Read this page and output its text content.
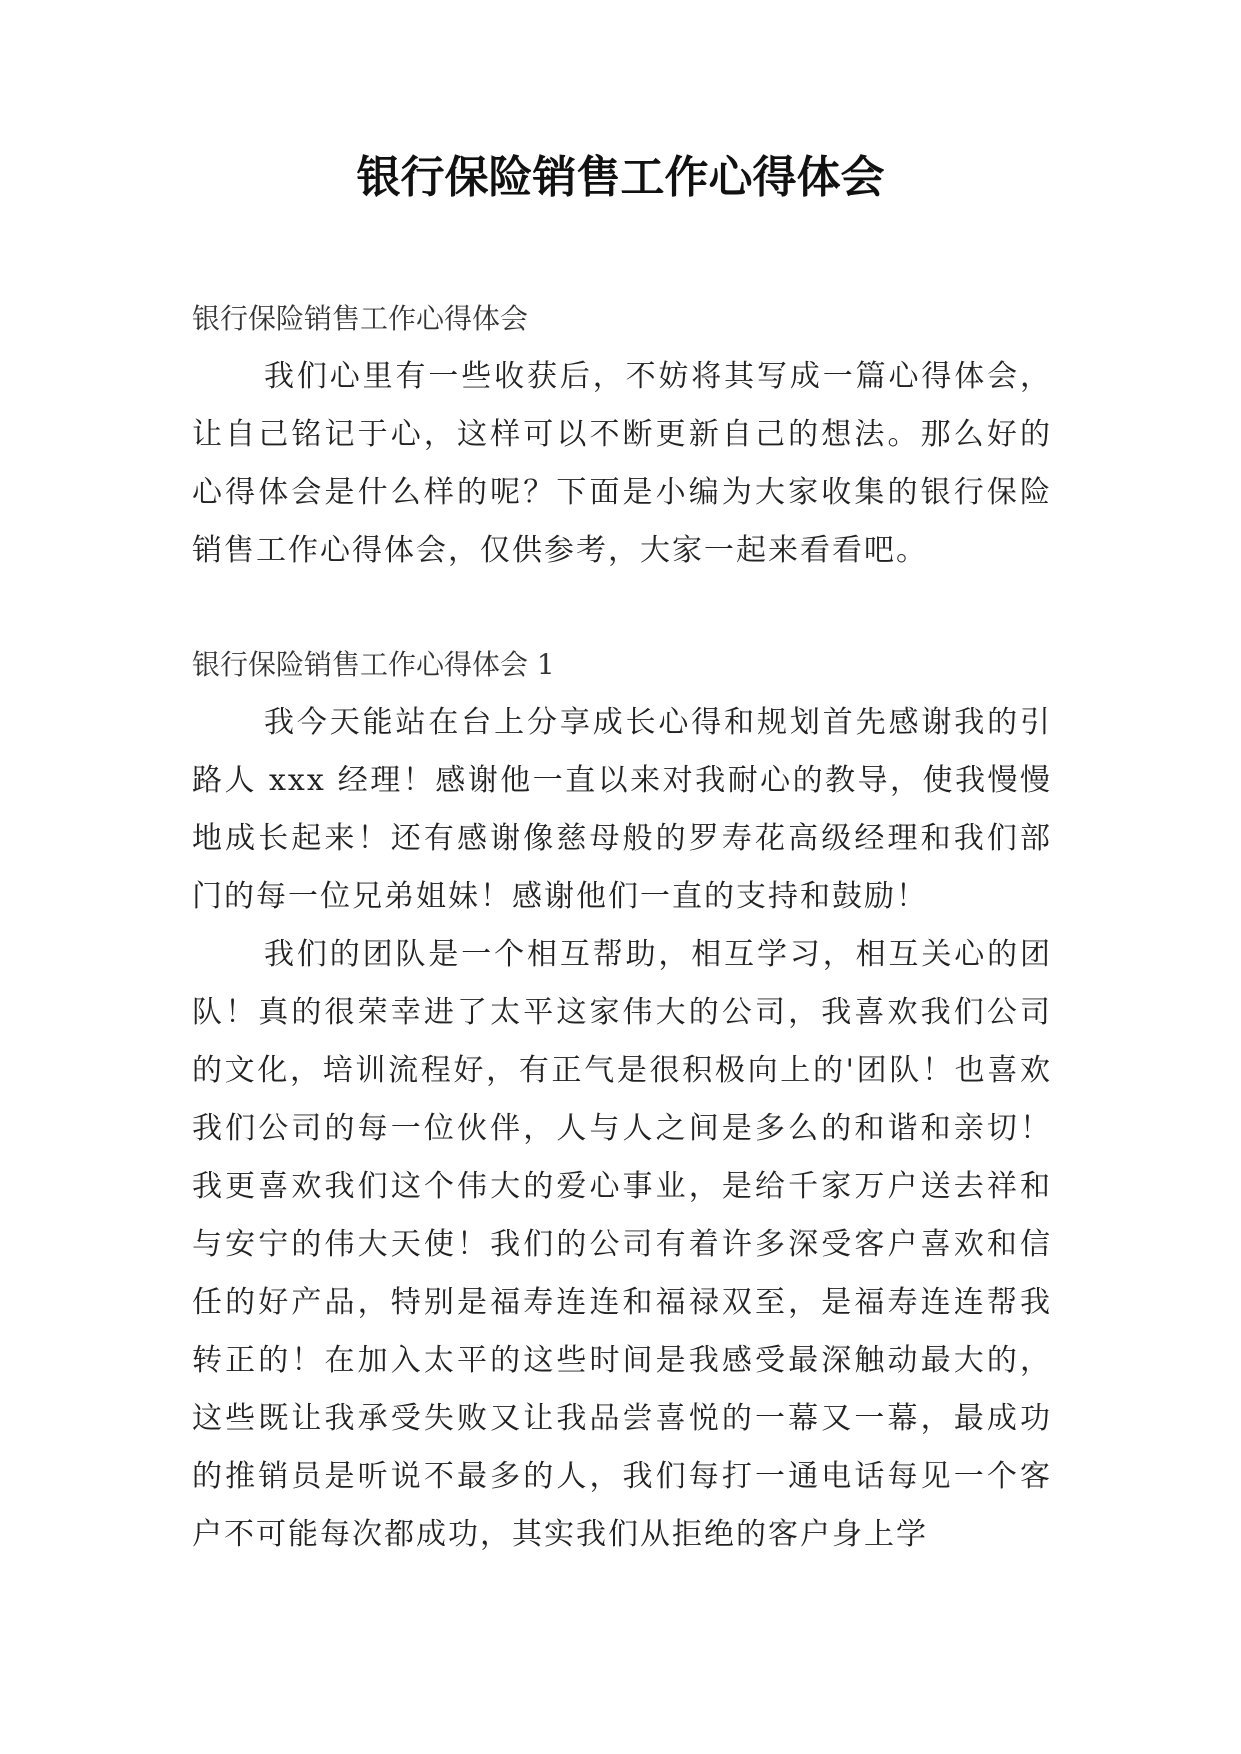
银行保险销售工作心得体会

银行保险销售工作心得体会

我们心里有一些收获后，不妨将其写成一篇心得体会，让自己铭记于心，这样可以不断更新自己的想法。那么好的心得体会是什么样的呢？下面是小编为大家收集的银行保险销售工作心得体会，仅供参考，大家一起来看看吧。

银行保险销售工作心得体会 1

我今天能站在台上分享成长心得和规划首先感谢我的引路人 xxx 经理！感谢他一直以来对我耐心的教导，使我慢慢地成长起来！还有感谢像慈母般的罗寿花高级经理和我们部门的每一位兄弟姐妹！感谢他们一直的支持和鼓励！

我们的团队是一个相互帮助，相互学习，相互关心的团队！真的很荣幸进了太平这家伟大的公司，我喜欢我们公司的文化，培训流程好，有正气是很积极向上的'团队！也喜欢我们公司的每一位伙伴，人与人之间是多么的和谐和亲切！我更喜欢我们这个伟大的爱心事业，是给千家万户送去祥和与安宁的伟大天使！我们的公司有着许多深受客户喜欢和信任的好产品，特别是福寿连连和福禄双至，是福寿连连帮我转正的！在加入太平的这些时间是我感受最深触动最大的，这些既让我承受失败又让我品尝喜悦的一幕又一幕，最成功的推销员是听说不最多的人，我们每打一通电话每见一个客户不可能每次都成功，其实我们从拒绝的客户身上学
